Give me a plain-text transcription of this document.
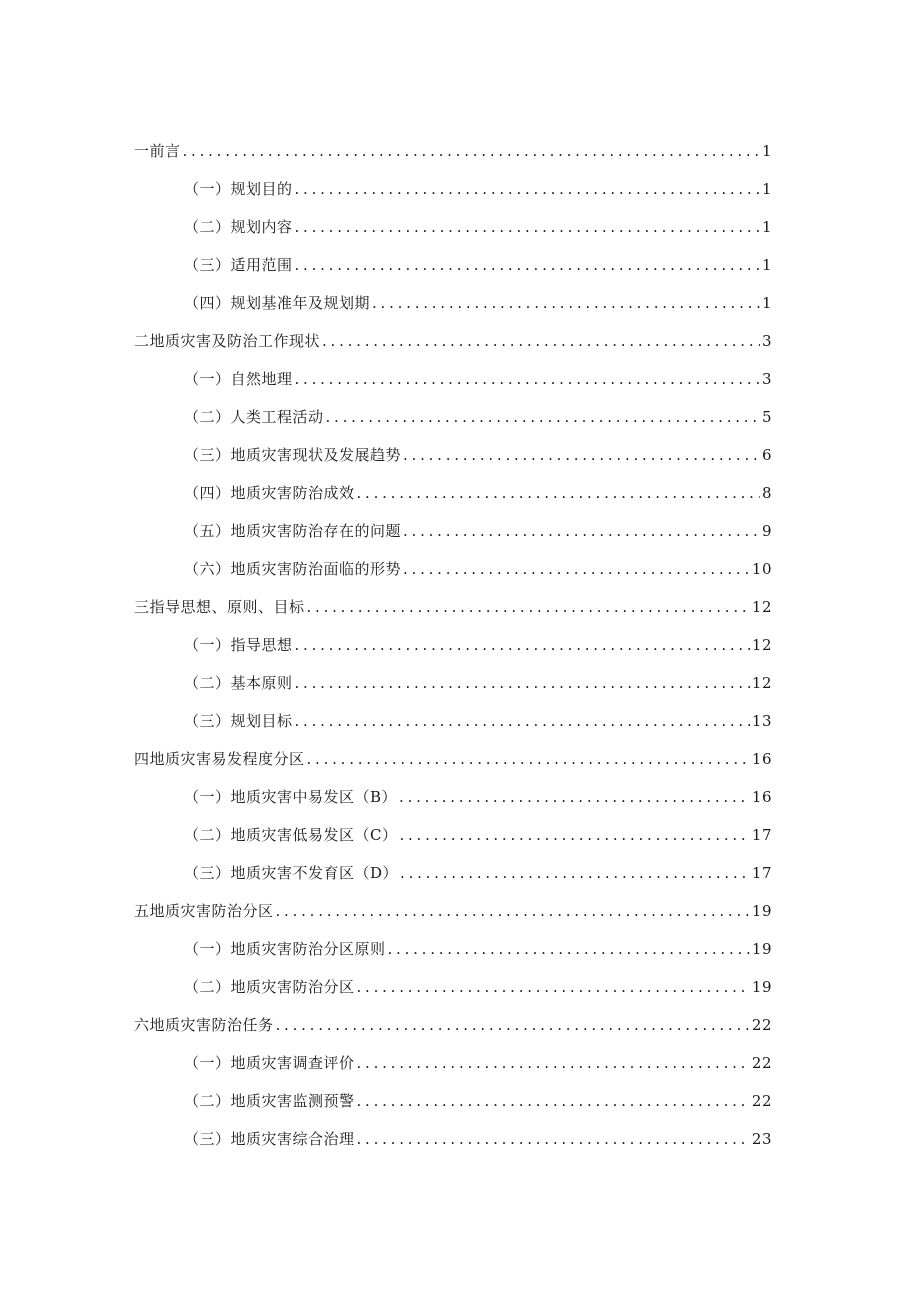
一前言 . . .	1
（一）规划目的 . . .	1
（二）规划内容 . . .	1
（三）适用范围 . . .	1
（四）规划基准年及规划期 . . .	1
二地质灾害及防治工作现状 . . .	3
（一）自然地理 . . .	3
（二）人类工程活动 . . .	5
（三）地质灾害现状及发展趋势 . . .	6
（四）地质灾害防治成效 . . .	8
（五）地质灾害防治存在的问题 . . .	9
（六）地质灾害防治面临的形势 . . .	10
三指导思想、原则、目标 . . .	12
（一）指导思想 . . .	12
（二）基本原则 . . .	12
（三）规划目标 . . .	13
四地质灾害易发程度分区 . . .	16
（一）地质灾害中易发区（B） . . .	16
（二）地质灾害低易发区（C） . . .	17
（三）地质灾害不发育区（D） . . .	17
五地质灾害防治分区 . . .	19
（一）地质灾害防治分区原则 . . .	19
（二）地质灾害防治分区 . . .	19
六地质灾害防治任务 . . .	22
（一）地质灾害调查评价 . . .	22
（二）地质灾害监测预警 . . .	22
（三）地质灾害综合治理 . . .	23
